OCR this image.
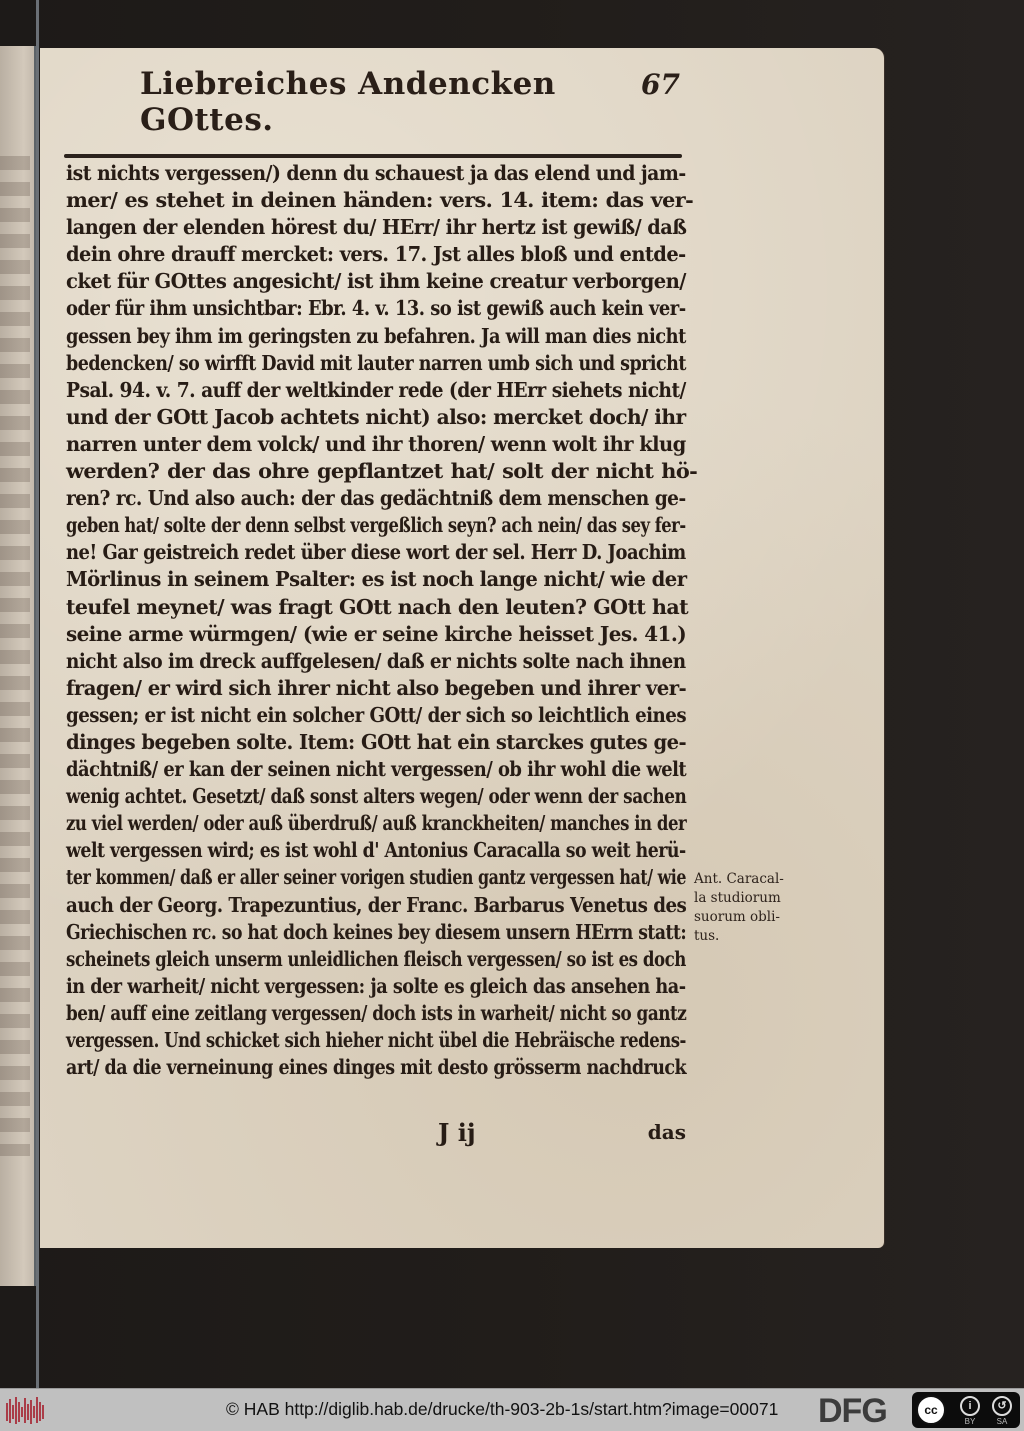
Liebreiches Andencken GOttes.
67
ist nichts vergessen/) denn du schauest ja das elend und jam-
mer/ es stehet in deinen händen: vers. 14. item: das ver-
langen der elenden hörest du/ HErr/ ihr hertz ist gewiß/ daß
dein ohre drauff mercket: vers. 17. Jst alles bloß und entde-
cket für GOttes angesicht/ ist ihm keine creatur verborgen/
oder für ihm unsichtbar: Ebr. 4. v. 13. so ist gewiß auch kein ver-
gessen bey ihm im geringsten zu befahren. Ja will man dies nicht
bedencken/ so wirfft David mit lauter narren umb sich und spricht
Psal. 94. v. 7. auff der weltkinder rede (der HErr siehets nicht/
und der GOtt Jacob achtets nicht) also: mercket doch/ ihr
narren unter dem volck/ und ihr thoren/ wenn wolt ihr klug
werden? der das ohre gepflantzet hat/ solt der nicht hö-
ren? rc. Und also auch: der das gedächtniß dem menschen ge-
geben hat/ solte der denn selbst vergeßlich seyn? ach nein/ das sey fer-
ne! Gar geistreich redet über diese wort der sel. Herr D. Joachim
Mörlinus in seinem Psalter: es ist noch lange nicht/ wie der
teufel meynet/ was fragt GOtt nach den leuten? GOtt hat
seine arme würmgen/ (wie er seine kirche heisset Jes. 41.)
nicht also im dreck auffgelesen/ daß er nichts solte nach ihnen
fragen/ er wird sich ihrer nicht also begeben und ihrer ver-
gessen; er ist nicht ein solcher GOtt/ der sich so leichtlich eines
dinges begeben solte. Item: GOtt hat ein starckes gutes ge-
dächtniß/ er kan der seinen nicht vergessen/ ob ihr wohl die welt
wenig achtet. Gesetzt/ daß sonst alters wegen/ oder wenn der sachen
zu viel werden/ oder auß überdruß/ auß kranckheiten/ manches in der
welt vergessen wird; es ist wohl d' Antonius Caracalla so weit herü-
ter kommen/ daß er aller seiner vorigen studien gantz vergessen hat/ wie
auch der Georg. Trapezuntius, der Franc. Barbarus Venetus des
Griechischen rc. so hat doch keines bey diesem unsern HErrn statt:
scheinets gleich unserm unleidlichen fleisch vergessen/ so ist es doch
in der warheit/ nicht vergessen: ja solte es gleich das ansehen ha-
ben/ auff eine zeitlang vergessen/ doch ists in warheit/ nicht so gantz
vergessen. Und schicket sich hieher nicht übel die Hebräische redens-
art/ da die verneinung eines dinges mit desto grösserm nachdruck
J ij	das
Ant. Caracal-
la studiorum
suorum obli-
tus.
© HAB http://diglib.hab.de/drucke/th-903-2b-1s/start.htm?image=00071 DFG	cc	i
BY
↺
SA
